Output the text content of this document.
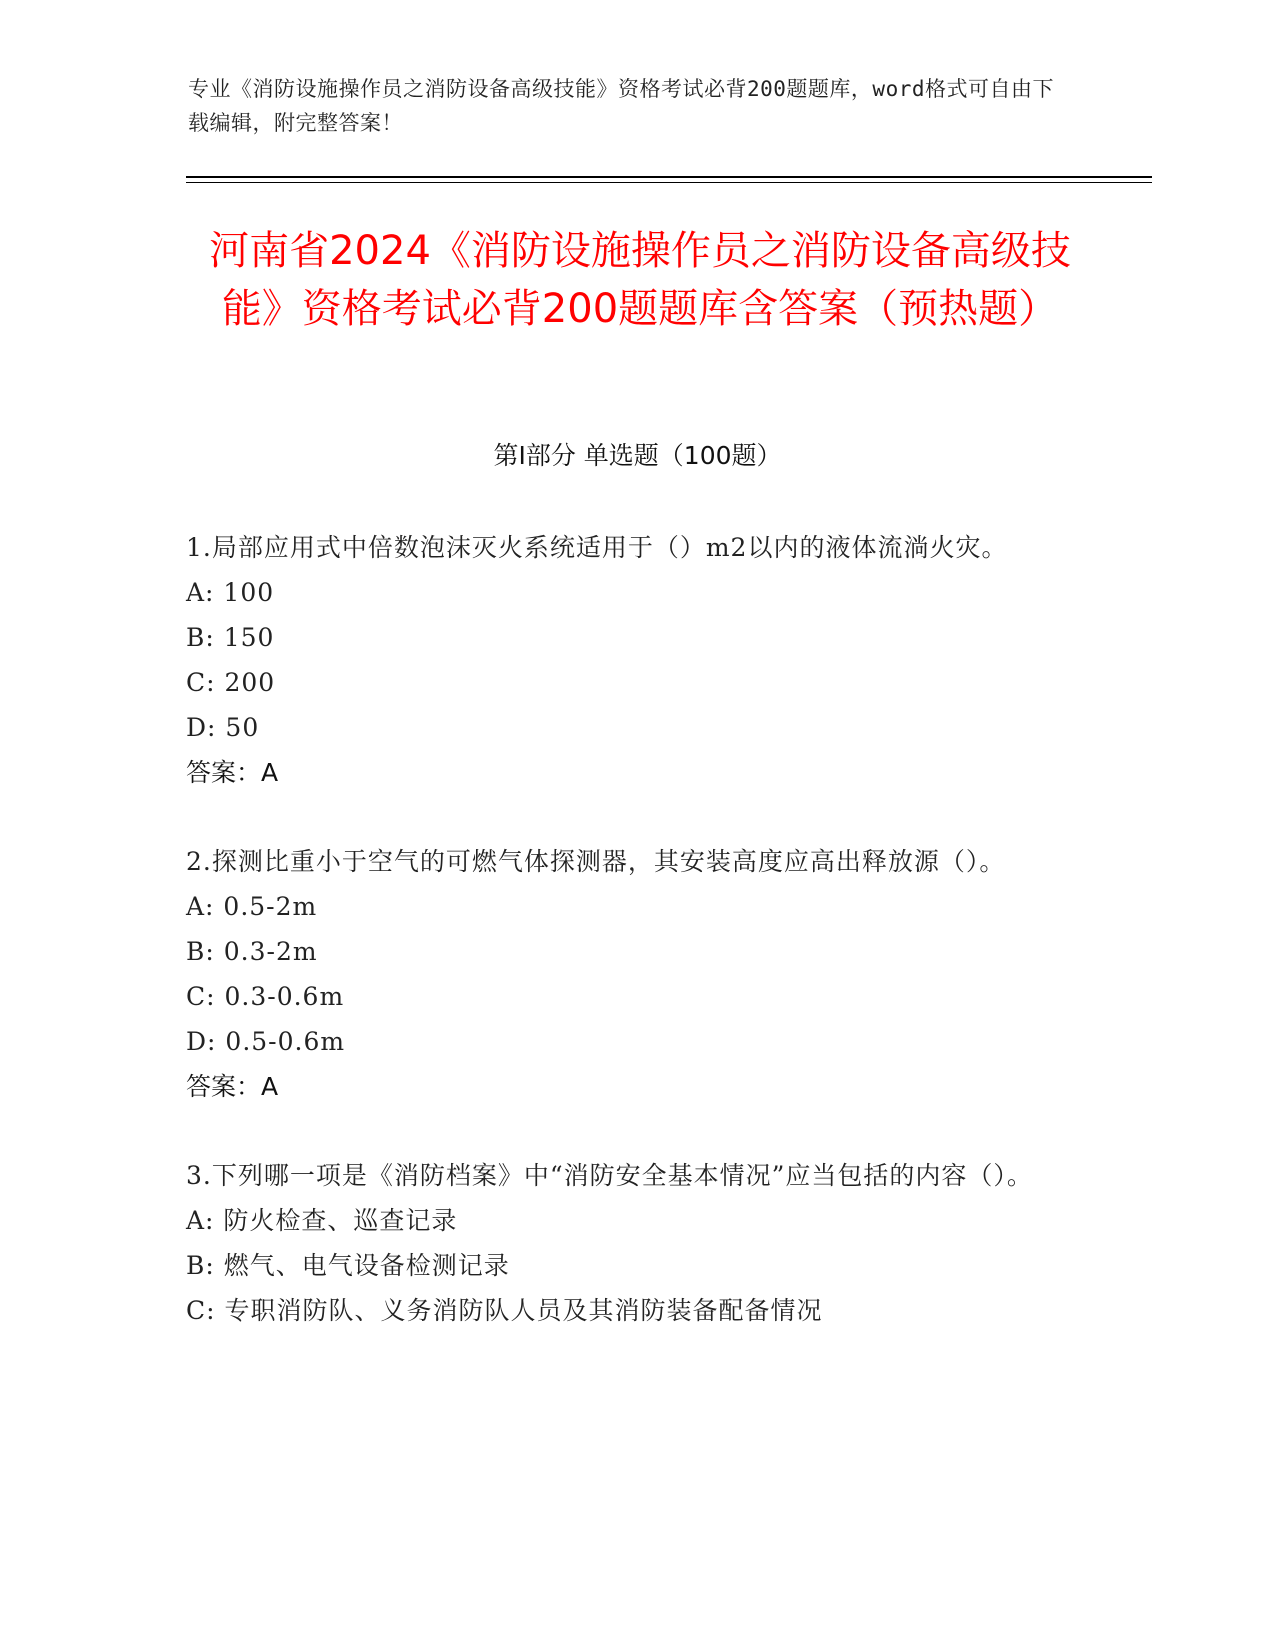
专业《消防设施操作员之消防设备高级技能》资格考试必背200题题库，word格式可自由下载编辑，附完整答案！
河南省2024《消防设施操作员之消防设备高级技能》资格考试必背200题题库含答案（预热题）
第I部分 单选题（100题）
1.局部应用式中倍数泡沫灭火系统适用于（）m2以内的液体流淌火灾。
A: 100
B: 150
C: 200
D: 50
答案：A
2.探测比重小于空气的可燃气体探测器，其安装高度应高出释放源（）。
A: 0.5-2m
B: 0.3-2m
C: 0.3-0.6m
D: 0.5-0.6m
答案：A
3.下列哪一项是《消防档案》中“消防安全基本情况”应当包括的内容（）。
A: 防火检查、巡查记录
B: 燃气、电气设备检测记录
C: 专职消防队、义务消防队人员及其消防装备配备情况
